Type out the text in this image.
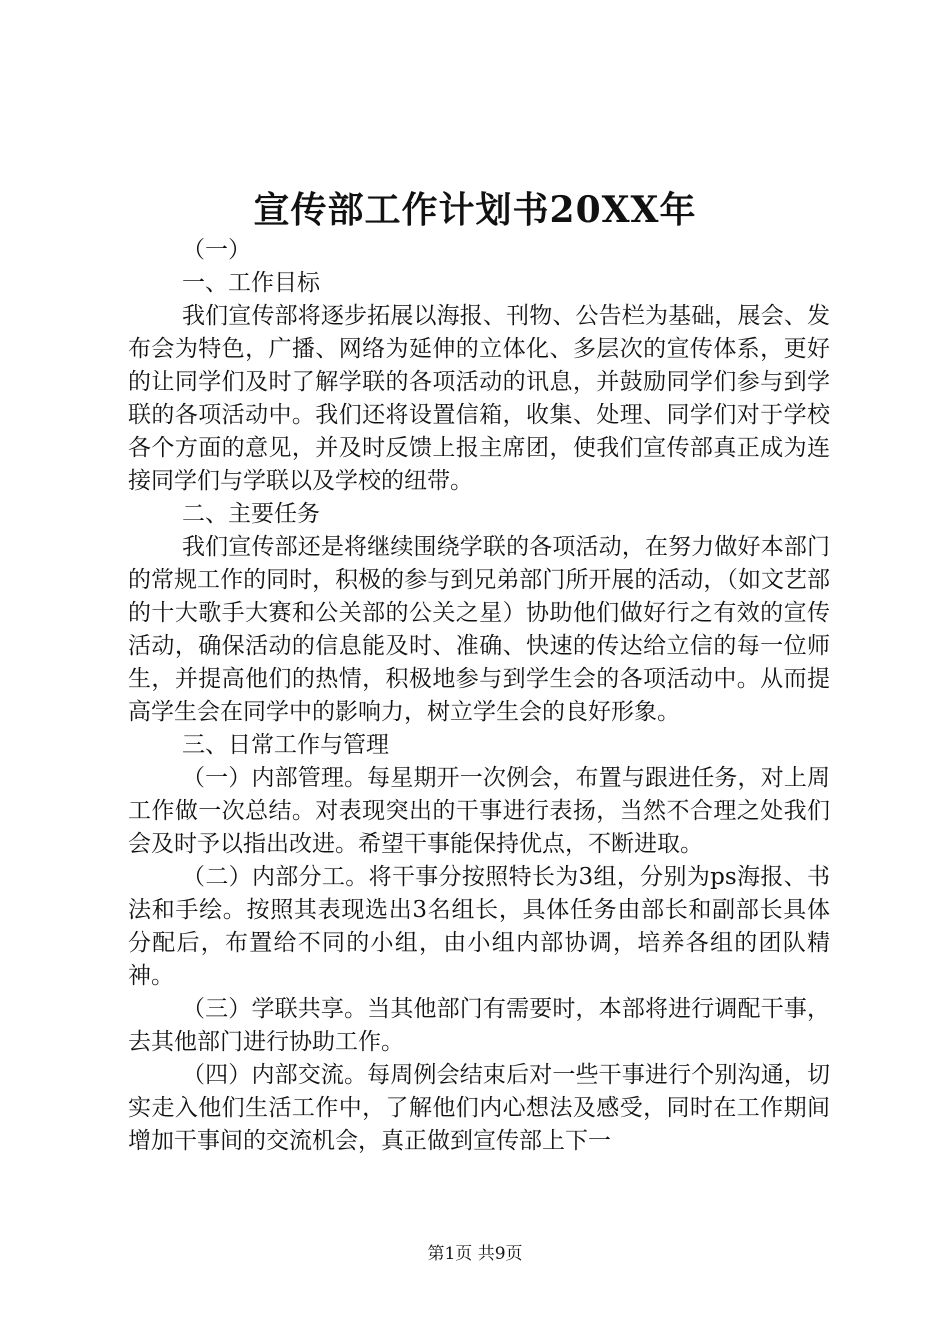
宣传部工作计划书20XX年

（一）

一、工作目标

我们宣传部将逐步拓展以海报、刊物、公告栏为基础，展会、发布会为特色，广播、网络为延伸的立体化、多层次的宣传体系，更好的让同学们及时了解学联的各项活动的讯息，并鼓励同学们参与到学联的各项活动中。我们还将设置信箱，收集、处理、同学们对于学校各个方面的意见，并及时反馈上报主席团，使我们宣传部真正成为连接同学们与学联以及学校的纽带。

二、主要任务

我们宣传部还是将继续围绕学联的各项活动，在努力做好本部门的常规工作的同时，积极的参与到兄弟部门所开展的活动，（如文艺部的十大歌手大赛和公关部的公关之星）协助他们做好行之有效的宣传活动，确保活动的信息能及时、准确、快速的传达给立信的每一位师生，并提高他们的热情，积极地参与到学生会的各项活动中。从而提高学生会在同学中的影响力，树立学生会的良好形象。

三、日常工作与管理

（一）内部管理。每星期开一次例会，布置与跟进任务，对上周工作做一次总结。对表现突出的干事进行表扬，当然不合理之处我们会及时予以指出改进。希望干事能保持优点，不断进取。

（二）内部分工。将干事分按照特长为3组，分别为ps海报、书法和手绘。按照其表现选出3名组长，具体任务由部长和副部长具体分配后，布置给不同的小组，由小组内部协调，培养各组的团队精神。

（三）学联共享。当其他部门有需要时，本部将进行调配干事，去其他部门进行协助工作。

（四）内部交流。每周例会结束后对一些干事进行个别沟通，切实走入他们生活工作中，了解他们内心想法及感受，同时在工作期间增加干事间的交流机会，真正做到宣传部上下一

第1页 共9页
